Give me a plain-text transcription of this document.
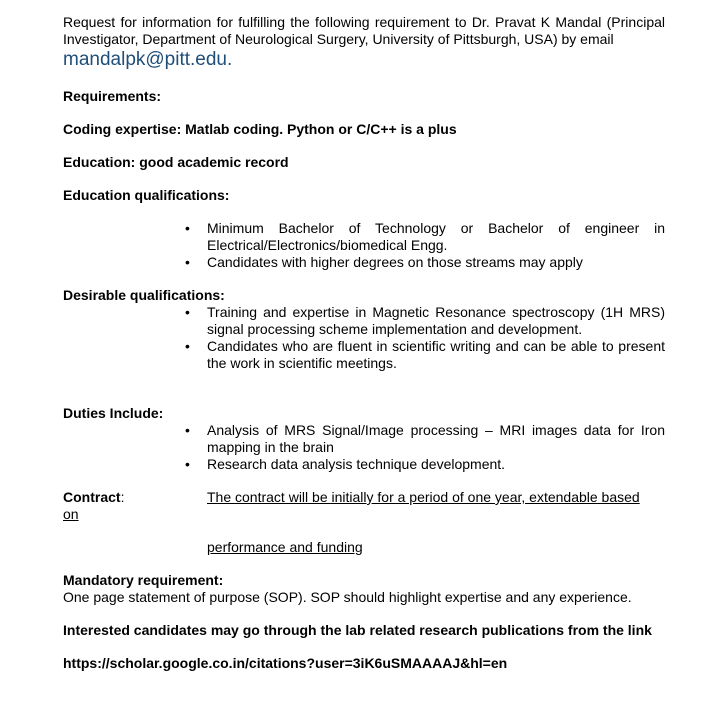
Request for information for fulfilling the following requirement to Dr. Pravat K Mandal (Principal Investigator, Department of Neurological Surgery, University of Pittsburgh, USA) by email

mandalpk@pitt.edu.

Requirements:

Coding expertise: Matlab coding. Python or C/C++ is a plus

Education: good academic record

Education qualifications:

• Minimum Bachelor of Technology or Bachelor of engineer in Electrical/Electronics/biomedical Engg.
• Candidates with higher degrees on those streams may apply

Desirable qualifications:

• Training and expertise in Magnetic Resonance spectroscopy (1H MRS) signal processing scheme implementation and development.
• Candidates who are fluent in scientific writing and can be able to present the work in scientific meetings.

Duties Include:

• Analysis of MRS Signal/Image processing – MRI images data for Iron mapping in the brain
• Research data analysis technique development.
Contract:	The contract will be initially for a period of one year, extendable based

on

performance and funding

Mandatory requirement:

One page statement of purpose (SOP). SOP should highlight expertise and any experience.

Interested candidates may go through the lab related research publications from the link

https://scholar.google.co.in/citations?user=3iK6uSMAAAAJ&hl=en
